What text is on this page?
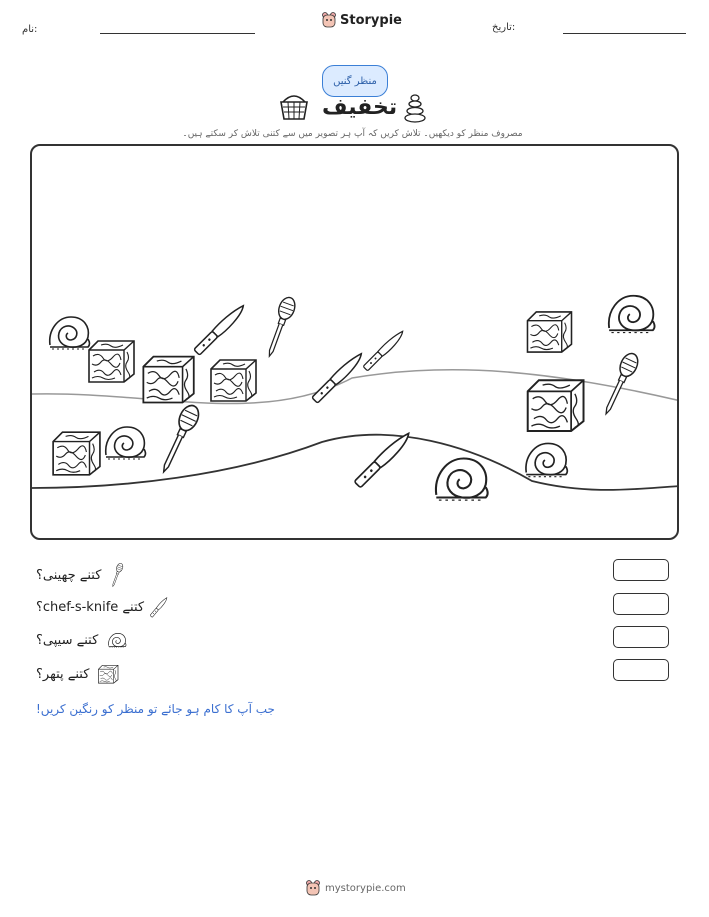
نام:
Storypie	تاریخ:
منظر گنیں
تخفیف
مصروف منظر کو دیکھیں۔ تلاش کریں کہ آپ ہر تصویر میں سے کتنی تلاش کر سکتے ہیں۔
کتنے چھینی؟
کتنے chef-s-knife؟
کتنے سیپی؟
کتنے پتھر؟
جب آپ کا کام ہو جائے تو منظر کو رنگین کریں!
mystorypie.com
